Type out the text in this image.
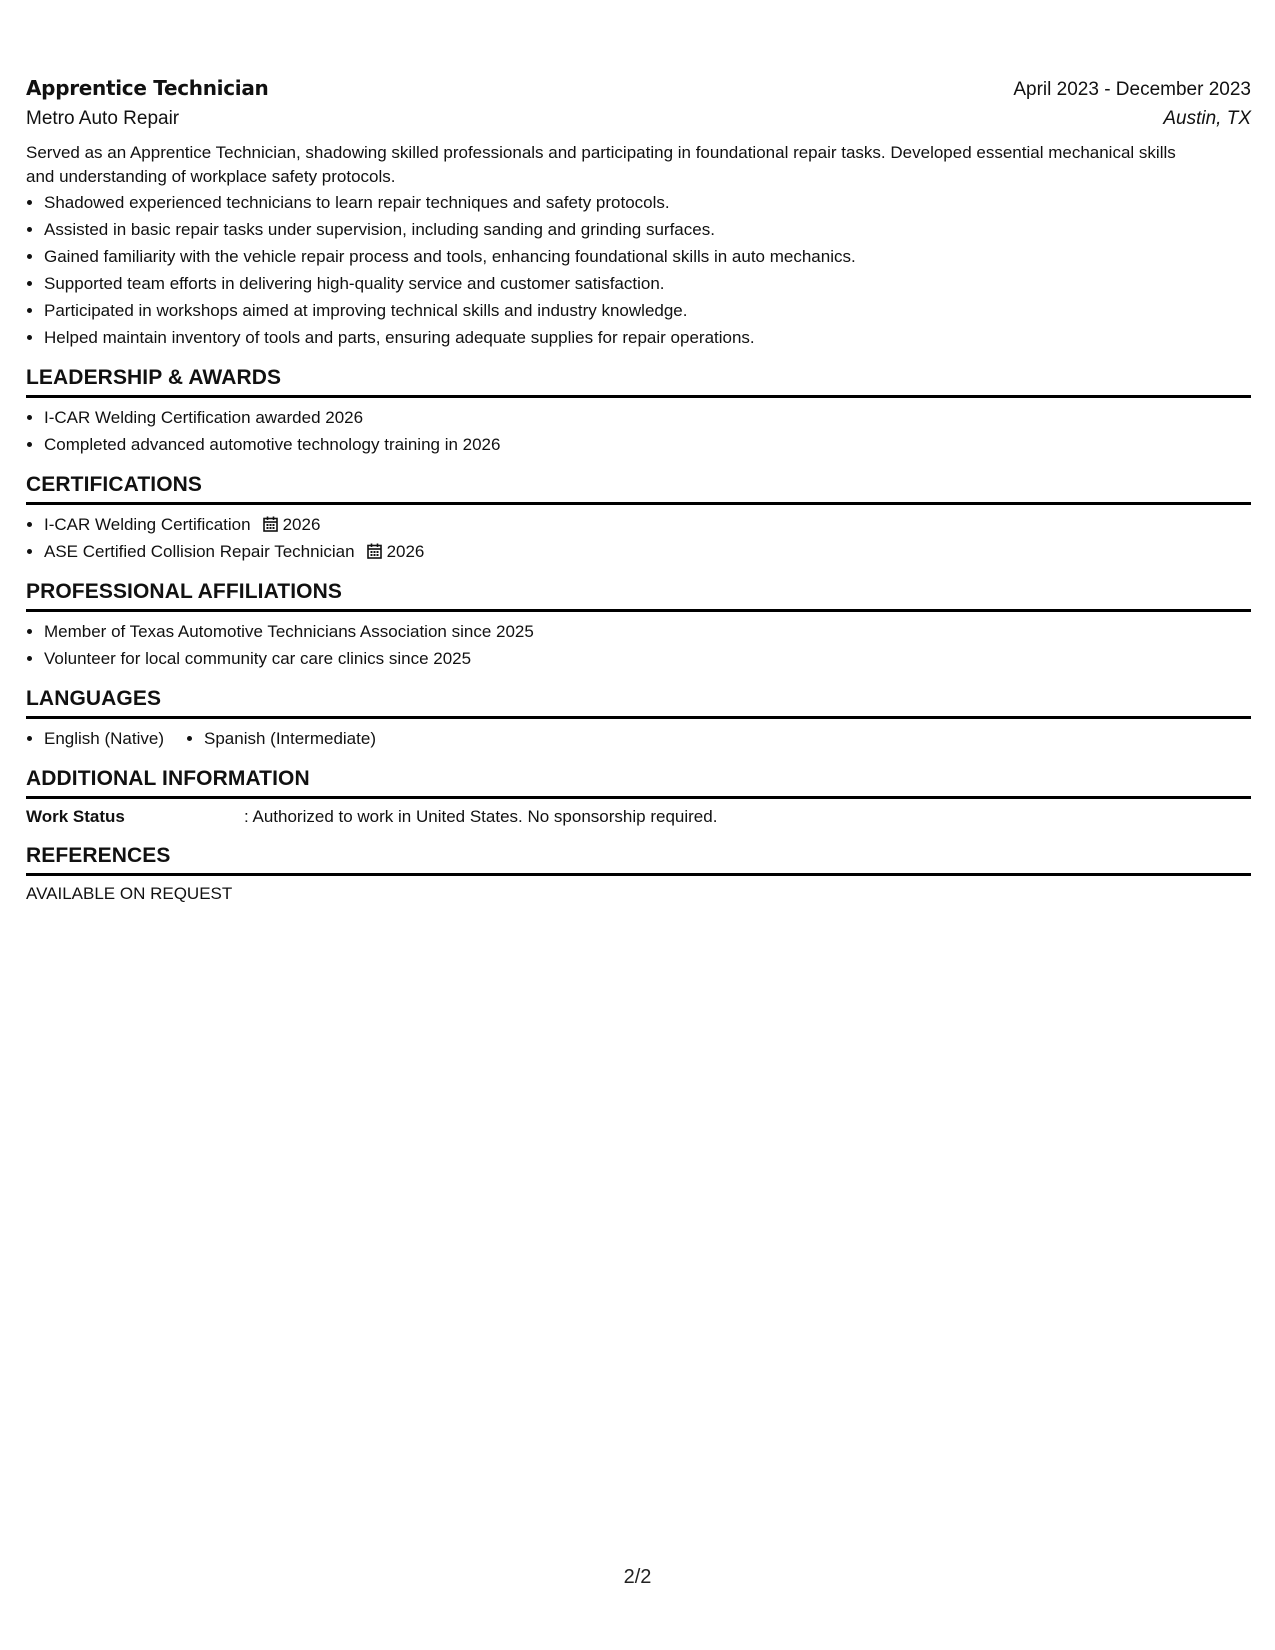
Apprentice Technician	April 2023 - December 2023
Metro Auto Repair	Austin, TX
Served as an Apprentice Technician, shadowing skilled professionals and participating in foundational repair tasks. Developed essential mechanical skills and understanding of workplace safety protocols.
• Shadowed experienced technicians to learn repair techniques and safety protocols.
• Assisted in basic repair tasks under supervision, including sanding and grinding surfaces.
• Gained familiarity with the vehicle repair process and tools, enhancing foundational skills in auto mechanics.
• Supported team efforts in delivering high-quality service and customer satisfaction.
• Participated in workshops aimed at improving technical skills and industry knowledge.
• Helped maintain inventory of tools and parts, ensuring adequate supplies for repair operations.
LEADERSHIP & AWARDS
• I-CAR Welding Certification awarded 2026
• Completed advanced automotive technology training in 2026
CERTIFICATIONS
• I-CAR Welding Certification 2026
• ASE Certified Collision Repair Technician 2026
PROFESSIONAL AFFILIATIONS
• Member of Texas Automotive Technicians Association since 2025
• Volunteer for local community car care clinics since 2025
LANGUAGES
• English (Native)
• Spanish (Intermediate)
ADDITIONAL INFORMATION
Work Status	: Authorized to work in United States. No sponsorship required.
REFERENCES
AVAILABLE ON REQUEST
2/2
